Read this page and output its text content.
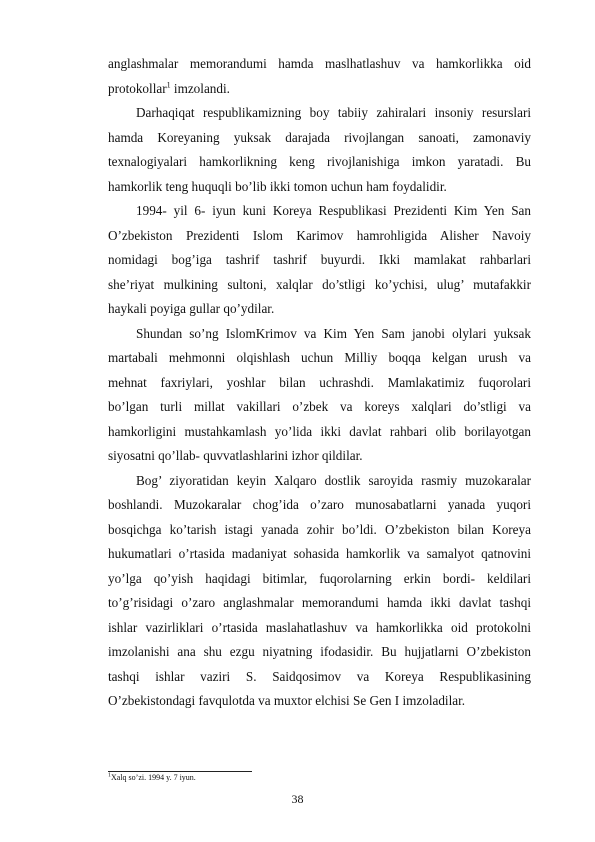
anglashmalar memorandumi hamda maslhatlashuv va hamkorlikka oid
protokollar$^1$ imzolandi.
Darhaqiqat respublikamizning boy tabiiy zahiralari insoniy resurslari
hamda Koreyaning yuksak darajada rivojlangan sanoati, zamonaviy
texnalogiyalari hamkorlikning keng rivojlanishiga imkon yaratadi. Bu
hamkorlik teng huquqli bo’lib ikki tomon uchun ham foydalidir.
1994- yil 6- iyun kuni Koreya Respublikasi Prezidenti Kim Yen San
O’zbekiston Prezidenti Islom Karimov hamrohligida Alisher Navoiy
nomidagi bog’iga tashrif tashrif buyurdi. Ikki mamlakat rahbarlari
she’riyat mulkining sultoni, xalqlar do’stligi ko’ychisi, ulug’ mutafakkir
haykali poyiga gullar qo’ydilar.
Shundan so’ng IslomKrimov va Kim Yen Sam janobi olylari yuksak
martabali mehmonni olqishlash uchun Milliy boqqa kelgan urush va
mehnat faxriylari, yoshlar bilan uchrashdi. Mamlakatimiz fuqorolari
bo’lgan turli millat vakillari o’zbek va koreys xalqlari do’stligi va
hamkorligini mustahkamlash yo’lida ikki davlat rahbari olib borilayotgan
siyosatni qo’llab- quvvatlashlarini izhor qildilar.
Bog’ ziyoratidan keyin Xalqaro dostlik saroyida rasmiy muzokaralar
boshlandi. Muzokaralar chog’ida o’zaro munosabatlarni yanada yuqori
bosqichga ko’tarish istagi yanada zohir bo’ldi. O’zbekiston bilan Koreya
hukumatlari o’rtasida madaniyat sohasida hamkorlik va samalyot qatnovini
yo’lga qo’yish haqidagi bitimlar, fuqorolarning erkin bordi- keldilari
to’g’risidagi o’zaro anglashmalar memorandumi hamda ikki davlat tashqi
ishlar vazirliklari o’rtasida maslahatlashuv va hamkorlikka oid protokolni
imzolanishi ana shu ezgu niyatning ifodasidir. Bu hujjatlarni O’zbekiston
tashqi ishlar vaziri S. Saidqosimov va Koreya Respublikasining
O’zbekistondagi favqulotda va muxtor elchisi Se Gen I imzoladilar.
$^1$Xalq so’zi. 1994 y. 7 iyun.
38
